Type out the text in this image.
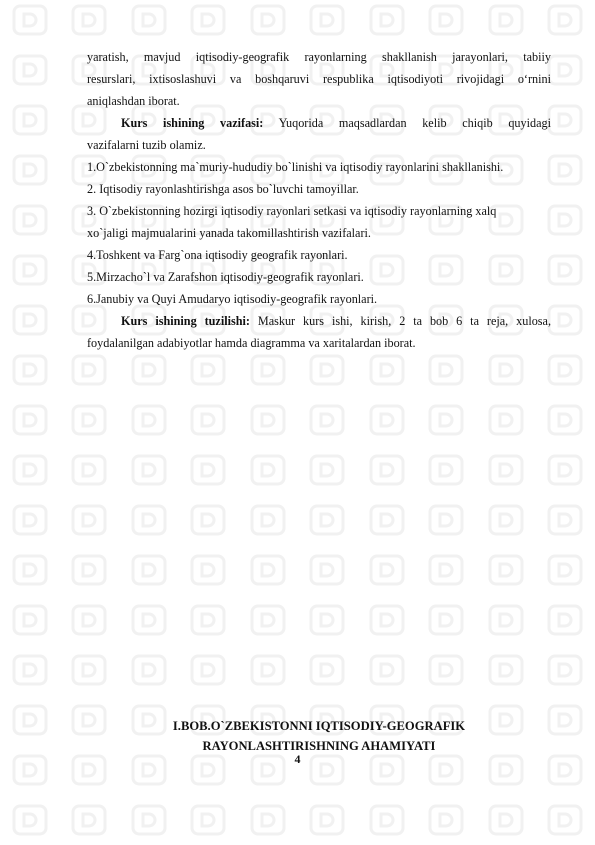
yaratish, mavjud iqtisodiy-geografik rayonlarning shakllanish jarayonlari, tabiiy
resurslari, ixtisoslashuvi va boshqaruvi respublika iqtisodiyoti rivojidagi o‘rnini
aniqlashdan iborat.
Kurs ishining vazifasi: Yuqorida maqsadlardan kelib chiqib quyidagi
vazifalarni tuzib olamiz.
1.O`zbekistonning ma`muriy-hududiy bo`linishi va iqtisodiy rayonlarini shakllanishi.
2. Iqtisodiy rayonlashtirishga asos bo`luvchi tamoyillar.
3. O`zbekistonning hozirgi iqtisodiy rayonlari setkasi va iqtisodiy rayonlarning xalq
xo`jaligi majmualarini yanada takomillashtirish vazifalari.
4.Toshkent va Farg`ona iqtisodiy geografik rayonlari.
5.Mirzacho`l va Zarafshon iqtisodiy-geografik rayonlari.
6.Janubiy va Quyi Amudaryo iqtisodiy-geografik rayonlari.
Kurs ishining tuzilishi: Maskur kurs ishi, kirish, 2 ta bob 6 ta reja, xulosa,
foydalanilgan adabiyotlar hamda diagramma va xaritalardan iborat.
I.BOB.O`ZBEKISTONNI IQTISODIY-GEOGRAFIK
RAYONLASHTIRISHNING AHAMIYATI
4
